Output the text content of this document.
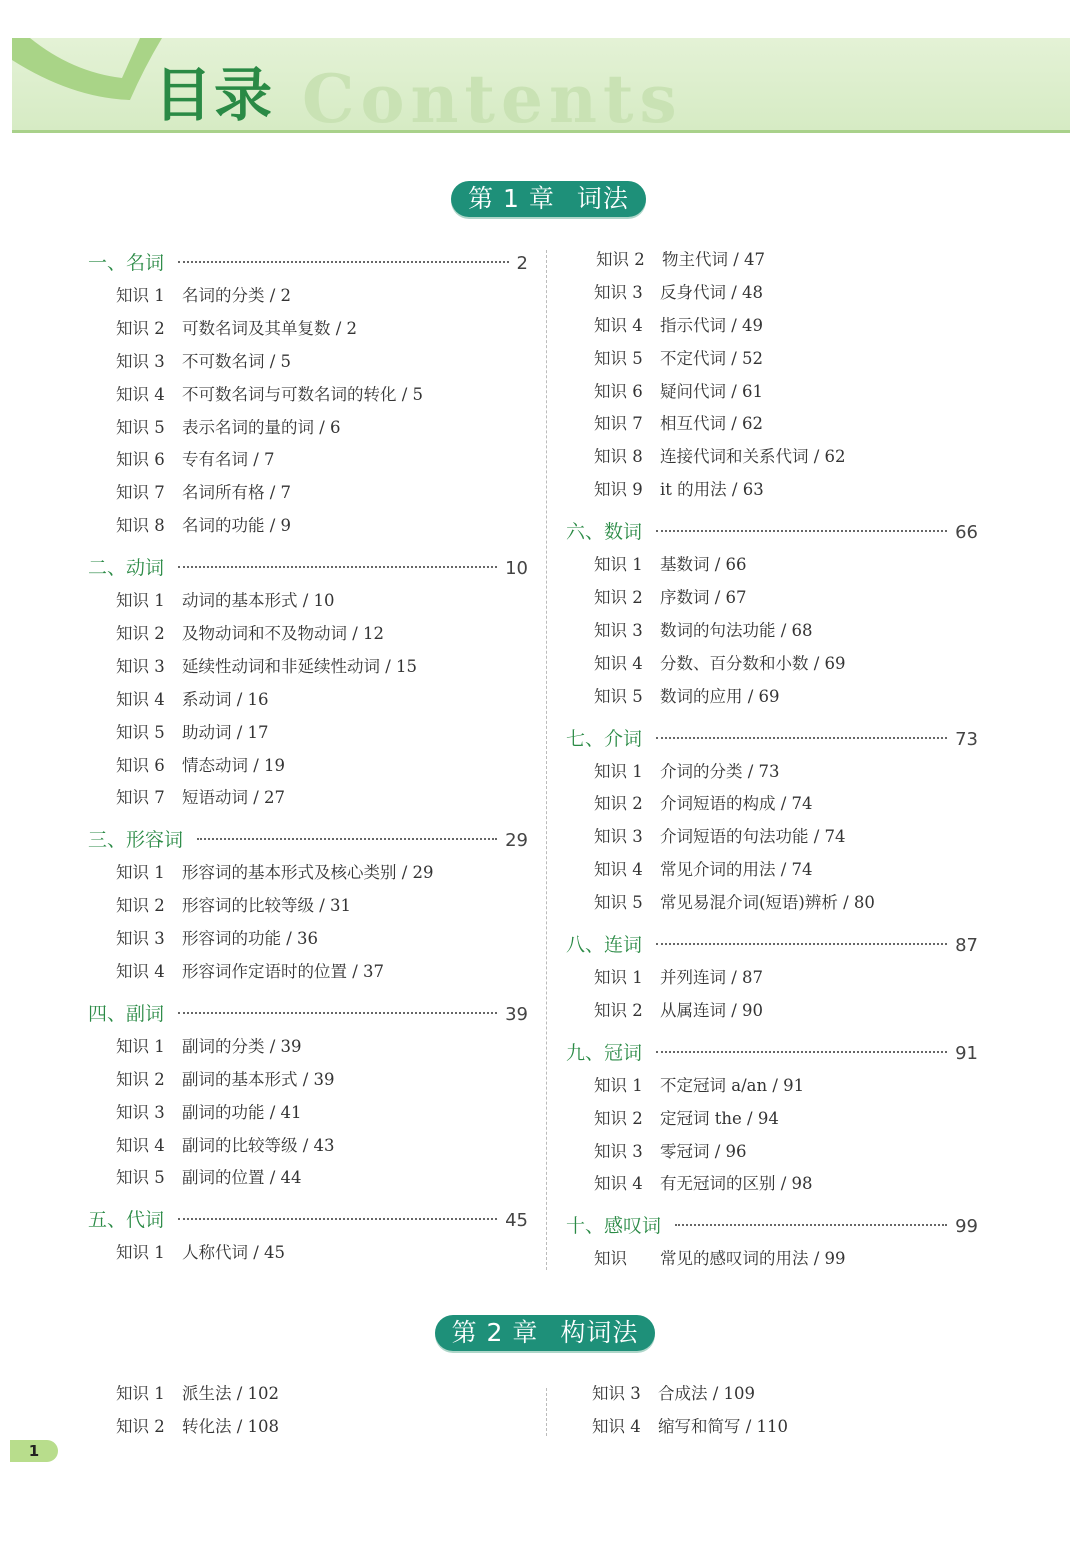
Contents
目录
第 1 章 词法
一、名词	2
知识 1 名词的分类 / 2
知识 2 可数名词及其单复数 / 2
知识 3 不可数名词 / 5
知识 4 不可数名词与可数名词的转化 / 5
知识 5 表示名词的量的词 / 6
知识 6 专有名词 / 7
知识 7 名词所有格 / 7
知识 8 名词的功能 / 9
二、动词	10
知识 1 动词的基本形式 / 10
知识 2 及物动词和不及物动词 / 12
知识 3 延续性动词和非延续性动词 / 15
知识 4 系动词 / 16
知识 5 助动词 / 17
知识 6 情态动词 / 19
知识 7 短语动词 / 27
三、形容词	29
知识 1 形容词的基本形式及核心类别 / 29
知识 2 形容词的比较等级 / 31
知识 3 形容词的功能 / 36
知识 4 形容词作定语时的位置 / 37
四、副词	39
知识 1 副词的分类 / 39
知识 2 副词的基本形式 / 39
知识 3 副词的功能 / 41
知识 4 副词的比较等级 / 43
知识 5 副词的位置 / 44
五、代词	45
知识 1 人称代词 / 45
知识 2 物主代词 / 47
知识 3 反身代词 / 48
知识 4 指示代词 / 49
知识 5 不定代词 / 52
知识 6 疑问代词 / 61
知识 7 相互代词 / 62
知识 8 连接代词和关系代词 / 62
知识 9 it 的用法 / 63
六、数词	66
知识 1 基数词 / 66
知识 2 序数词 / 67
知识 3 数词的句法功能 / 68
知识 4 分数、百分数和小数 / 69
知识 5 数词的应用 / 69
七、介词	73
知识 1 介词的分类 / 73
知识 2 介词短语的构成 / 74
知识 3 介词短语的句法功能 / 74
知识 4 常见介词的用法 / 74
知识 5 常见易混介词(短语)辨析 / 80
八、连词	87
知识 1 并列连词 / 87
知识 2 从属连词 / 90
九、冠词	91
知识 1 不定冠词 a/an / 91
知识 2 定冠词 the / 94
知识 3 零冠词 / 96
知识 4 有无冠词的区别 / 98
十、感叹词	99
知识 常见的感叹词的用法 / 99
第 2 章 构词法
知识 1 派生法 / 102
知识 2 转化法 / 108
知识 3 合成法 / 109
知识 4 缩写和简写 / 110
1
